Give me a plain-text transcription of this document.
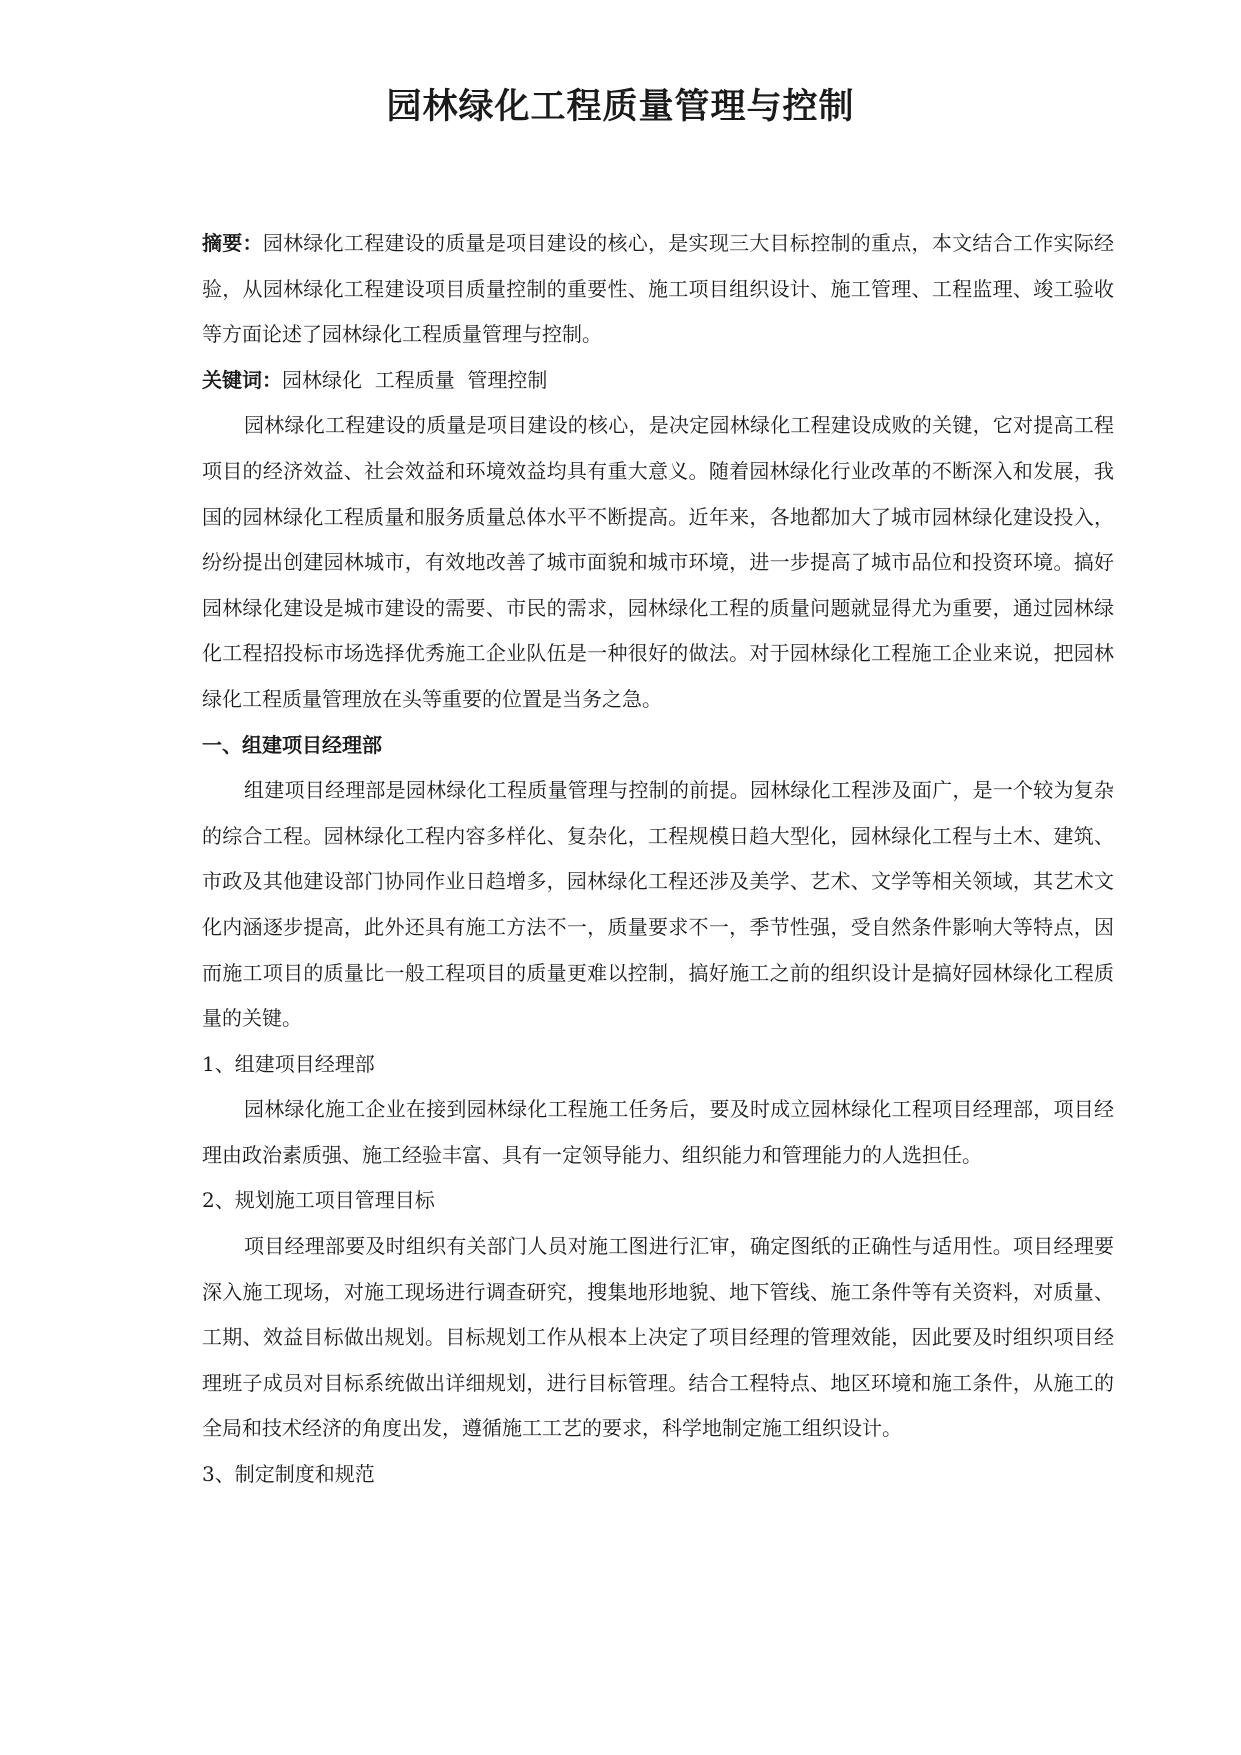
园林绿化工程质量管理与控制

摘要：园林绿化工程建设的质量是项目建设的核心，是实现三大目标控制的重点，本文结合工作实际经验，从园林绿化工程建设项目质量控制的重要性、施工项目组织设计、施工管理、工程监理、竣工验收等方面论述了园林绿化工程质量管理与控制。

关键词：园林绿化  工程质量  管理控制

园林绿化工程建设的质量是项目建设的核心，是决定园林绿化工程建设成败的关键，它对提高工程项目的经济效益、社会效益和环境效益均具有重大意义。随着园林绿化行业改革的不断深入和发展，我国的园林绿化工程质量和服务质量总体水平不断提高。近年来，各地都加大了城市园林绿化建设投入，纷纷提出创建园林城市，有效地改善了城市面貌和城市环境，进一步提高了城市品位和投资环境。搞好园林绿化建设是城市建设的需要、市民的需求，园林绿化工程的质量问题就显得尤为重要，通过园林绿化工程招投标市场选择优秀施工企业队伍是一种很好的做法。对于园林绿化工程施工企业来说，把园林绿化工程质量管理放在头等重要的位置是当务之急。

一、组建项目经理部

组建项目经理部是园林绿化工程质量管理与控制的前提。园林绿化工程涉及面广，是一个较为复杂的综合工程。园林绿化工程内容多样化、复杂化，工程规模日趋大型化，园林绿化工程与土木、建筑、市政及其他建设部门协同作业日趋增多，园林绿化工程还涉及美学、艺术、文学等相关领域，其艺术文化内涵逐步提高，此外还具有施工方法不一，质量要求不一，季节性强，受自然条件影响大等特点，因而施工项目的质量比一般工程项目的质量更难以控制，搞好施工之前的组织设计是搞好园林绿化工程质量的关键。

1、组建项目经理部

园林绿化施工企业在接到园林绿化工程施工任务后，要及时成立园林绿化工程项目经理部，项目经理由政治素质强、施工经验丰富、具有一定领导能力、组织能力和管理能力的人选担任。

2、规划施工项目管理目标

项目经理部要及时组织有关部门人员对施工图进行汇审，确定图纸的正确性与适用性。项目经理要深入施工现场，对施工现场进行调查研究，搜集地形地貌、地下管线、施工条件等有关资料，对质量、工期、效益目标做出规划。目标规划工作从根本上决定了项目经理的管理效能，因此要及时组织项目经理班子成员对目标系统做出详细规划，进行目标管理。结合工程特点、地区环境和施工条件，从施工的全局和技术经济的角度出发，遵循施工工艺的要求，科学地制定施工组织设计。

3、制定制度和规范
